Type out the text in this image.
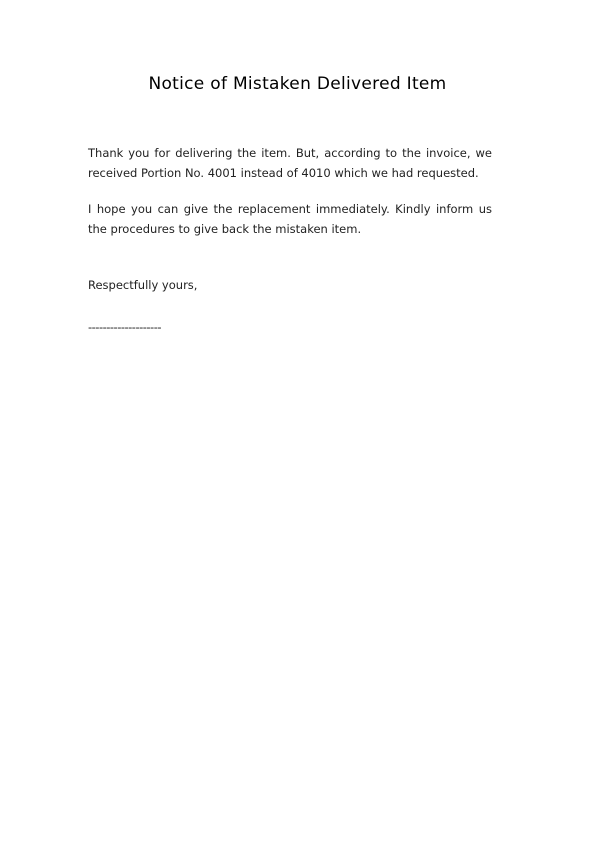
Notice of Mistaken Delivered Item

Thank you for delivering the item. But, according to the invoice, we received Portion No. 4001 instead of 4010 which we had requested.

I hope you can give the replacement immediately. Kindly inform us the procedures to give back the mistaken item.

Respectfully yours,

--------------------
